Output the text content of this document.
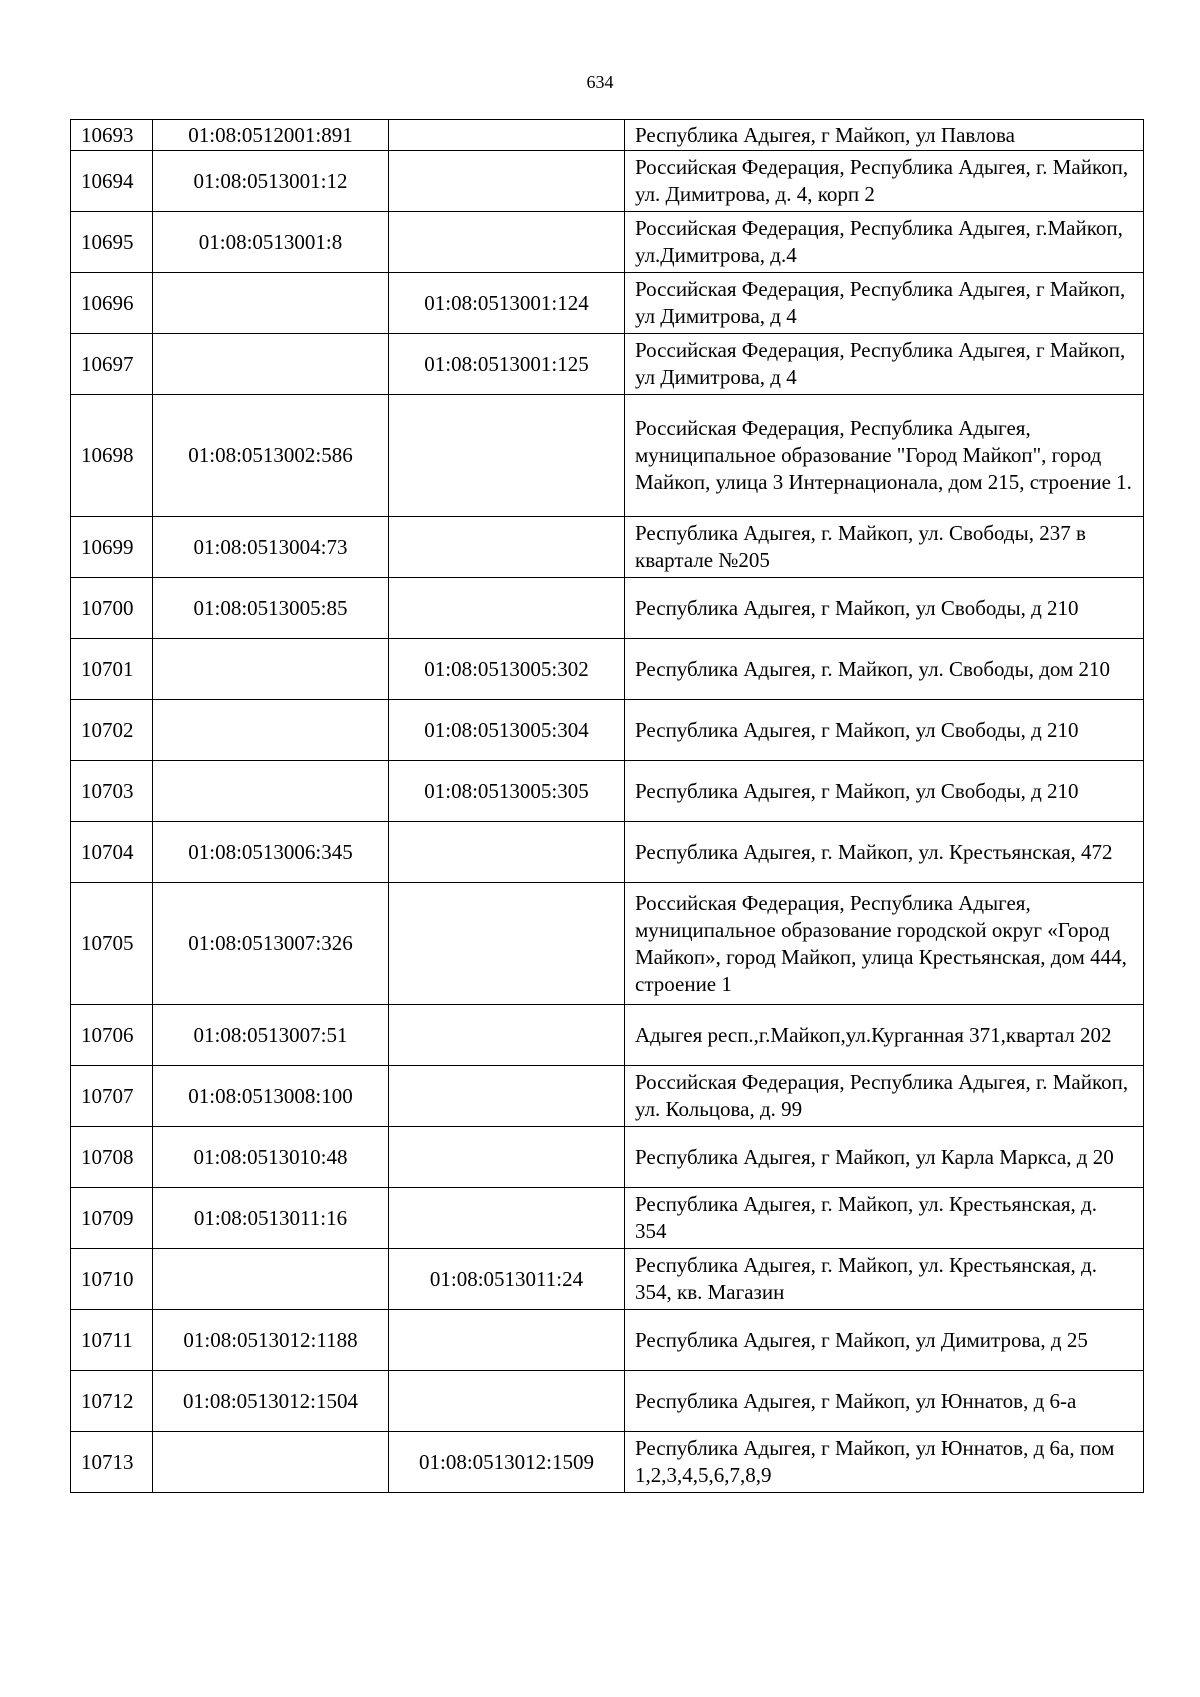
634
10693	01:08:0512001:891		Республика Адыгея, г Майкоп, ул Павлова
10694	01:08:0513001:12		Российская Федерация, Республика Адыгея, г. Майкоп, ул. Димитрова, д. 4, корп 2
10695	01:08:0513001:8		Российская Федерация, Республика Адыгея, г.Майкоп, ул.Димитрова, д.4
10696		01:08:0513001:124	Российская Федерация, Республика Адыгея, г Майкоп, ул Димитрова, д 4
10697		01:08:0513001:125	Российская Федерация, Республика Адыгея, г Майкоп, ул Димитрова, д 4
10698	01:08:0513002:586		Российская Федерация, Республика Адыгея, муниципальное образование "Город Майкоп", город Майкоп, улица 3 Интернационала, дом 215, строение 1.
10699	01:08:0513004:73		Республика Адыгея, г. Майкоп, ул. Свободы, 237 в квартале №205
10700	01:08:0513005:85		Республика Адыгея, г Майкоп, ул Свободы, д 210
10701		01:08:0513005:302	Республика Адыгея, г. Майкоп, ул. Свободы, дом 210
10702		01:08:0513005:304	Республика Адыгея, г Майкоп, ул Свободы, д 210
10703		01:08:0513005:305	Республика Адыгея, г Майкоп, ул Свободы, д 210
10704	01:08:0513006:345		Республика Адыгея, г. Майкоп, ул. Крестьянская, 472
10705	01:08:0513007:326		Российская Федерация, Республика Адыгея, муниципальное образование городской округ «Город Майкоп», город Майкоп, улица Крестьянская, дом 444, строение 1
10706	01:08:0513007:51		Адыгея респ.,г.Майкоп,ул.Курганная 371,квартал 202
10707	01:08:0513008:100		Российская Федерация, Республика Адыгея, г. Майкоп, ул. Кольцова, д. 99
10708	01:08:0513010:48		Республика Адыгея, г Майкоп, ул Карла Маркса, д 20
10709	01:08:0513011:16		Республика Адыгея, г. Майкоп, ул. Крестьянская, д. 354
10710		01:08:0513011:24	Республика Адыгея, г. Майкоп, ул. Крестьянская, д. 354, кв. Магазин
10711	01:08:0513012:1188		Республика Адыгея, г Майкоп, ул Димитрова, д 25
10712	01:08:0513012:1504		Республика Адыгея, г Майкоп, ул Юннатов, д 6-а
10713		01:08:0513012:1509	Республика Адыгея, г Майкоп, ул Юннатов, д 6а, пом 1,2,3,4,5,6,7,8,9
